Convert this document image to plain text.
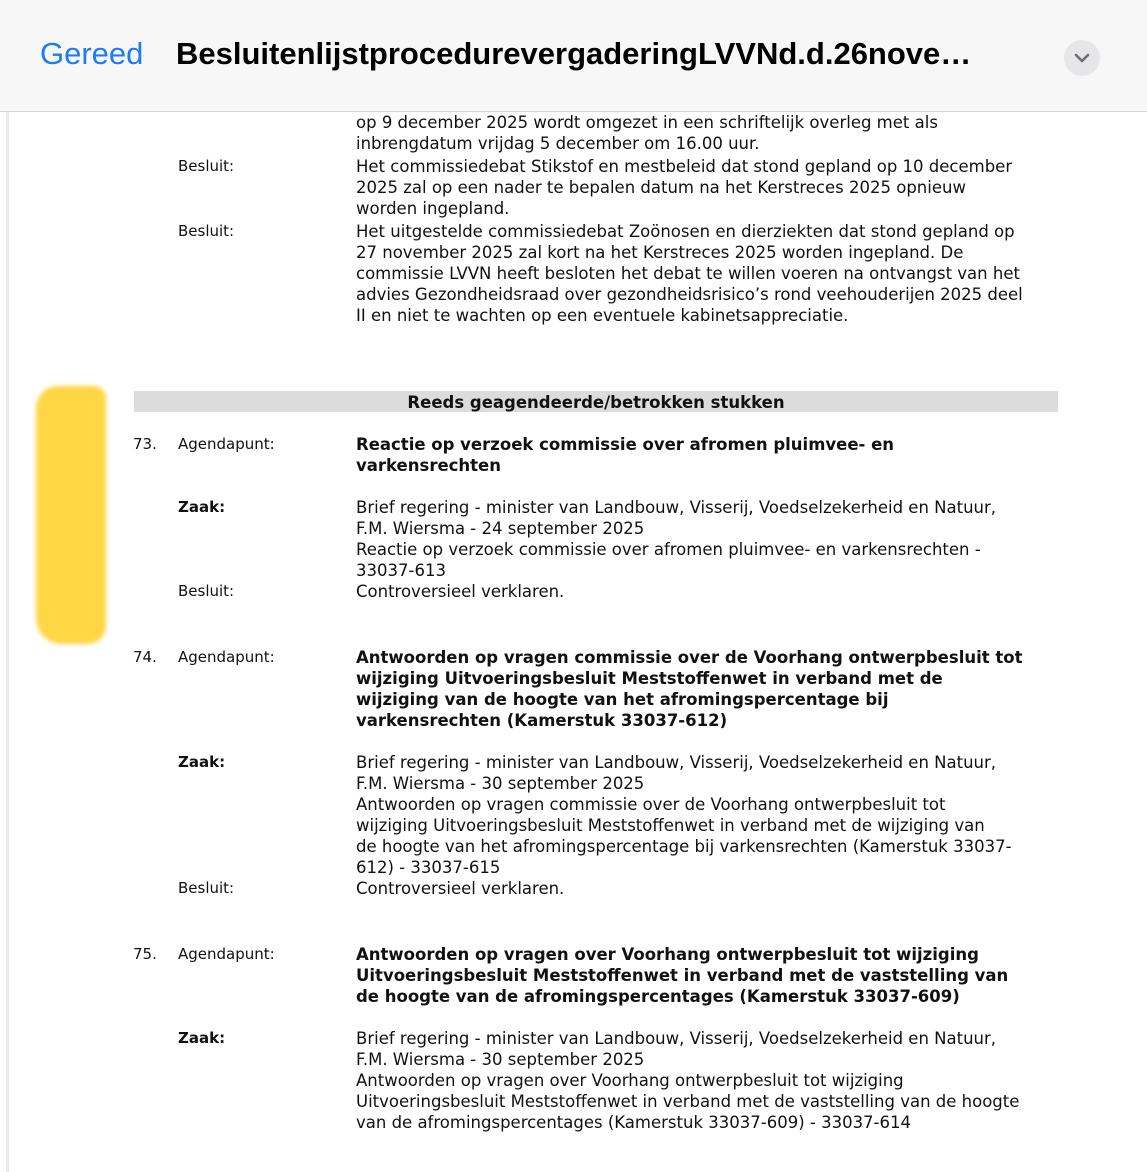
Gereed BesluitenlijstprocedurevergaderingLVVNd.d.26nove…
op 9 december 2025 wordt omgezet in een schriftelijk overleg met als
inbrengdatum vrijdag 5 december om 16.00 uur.
Besluit:	Het commissiedebat Stikstof en mestbeleid dat stond gepland op 10 december
2025 zal op een nader te bepalen datum na het Kerstreces 2025 opnieuw
worden ingepland.
Besluit:	Het uitgestelde commissiedebat Zoönosen en dierziekten dat stond gepland op
27 november 2025 zal kort na het Kerstreces 2025 worden ingepland. De
commissie LVVN heeft besloten het debat te willen voeren na ontvangst van het
advies Gezondheidsraad over gezondheidsrisico’s rond veehouderijen 2025 deel
II en niet te wachten op een eventuele kabinetsappreciatie.
Reeds geagendeerde/betrokken stukken
73. Agendapunt:	Reactie op verzoek commissie over afromen pluimvee- en
varkensrechten
Zaak:	Brief regering - minister van Landbouw, Visserij, Voedselzekerheid en Natuur,
F.M. Wiersma - 24 september 2025
Reactie op verzoek commissie over afromen pluimvee- en varkensrechten -
33037-613
Besluit:	Controversieel verklaren.
74. Agendapunt:	Antwoorden op vragen commissie over de Voorhang ontwerpbesluit tot
wijziging Uitvoeringsbesluit Meststoffenwet in verband met de
wijziging van de hoogte van het afromingspercentage bij
varkensrechten (Kamerstuk 33037-612)
Zaak:	Brief regering - minister van Landbouw, Visserij, Voedselzekerheid en Natuur,
F.M. Wiersma - 30 september 2025
Antwoorden op vragen commissie over de Voorhang ontwerpbesluit tot
wijziging Uitvoeringsbesluit Meststoffenwet in verband met de wijziging van
de hoogte van het afromingspercentage bij varkensrechten (Kamerstuk 33037-
612) - 33037-615
Besluit:	Controversieel verklaren.
75. Agendapunt:	Antwoorden op vragen over Voorhang ontwerpbesluit tot wijziging
Uitvoeringsbesluit Meststoffenwet in verband met de vaststelling van
de hoogte van de afromingspercentages (Kamerstuk 33037-609)
Zaak:	Brief regering - minister van Landbouw, Visserij, Voedselzekerheid en Natuur,
F.M. Wiersma - 30 september 2025
Antwoorden op vragen over Voorhang ontwerpbesluit tot wijziging
Uitvoeringsbesluit Meststoffenwet in verband met de vaststelling van de hoogte
van de afromingspercentages (Kamerstuk 33037-609) - 33037-614
